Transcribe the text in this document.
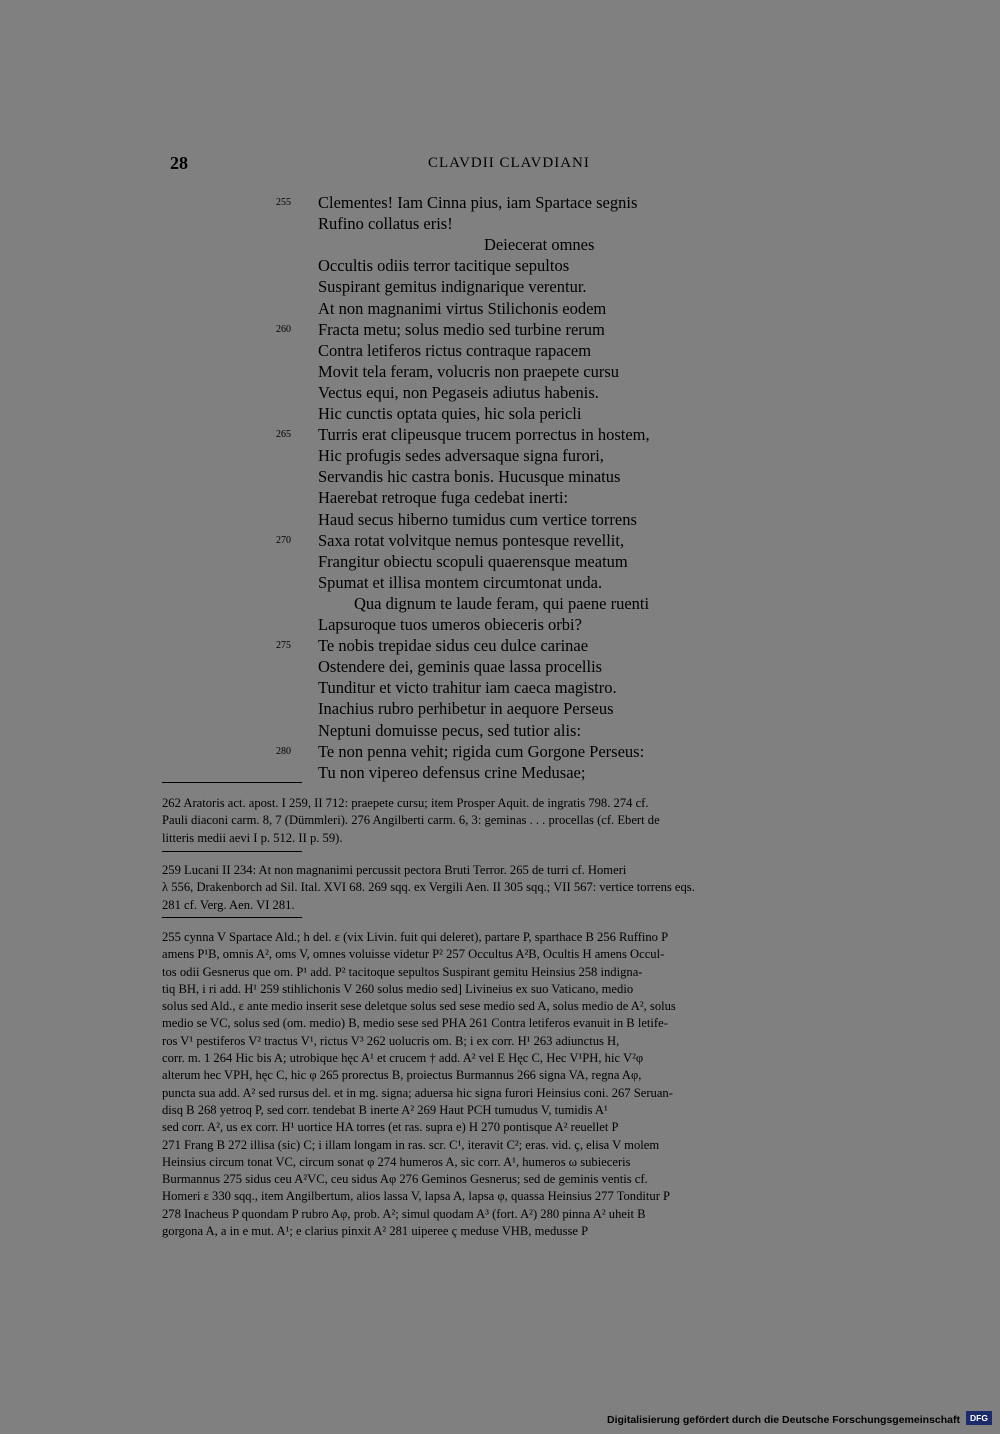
28	CLAVDII CLAVDIANI
Clementes! Iam Cinna pius, iam Spartace segnis
255
Rufino collatus eris!
Deiecerat omnes
Occultis odiis terror tacitique sepultos
Suspirant gemitus indignarique verentur.
At non magnanimi virtus Stilichonis eodem
Fracta metu; solus medio sed turbine rerum
260
Contra letiferos rictus contraque rapacem
Movit tela feram, volucris non praepete cursu
Vectus equi, non Pegaseis adiutus habenis.
Hic cunctis optata quies, hic sola pericli
Turris erat clipeusque trucem porrectus in hostem,
265
Hic profugis sedes adversaque signa furori,
Servandis hic castra bonis. Hucusque minatus
Haerebat retroque fuga cedebat inerti:
Haud secus hiberno tumidus cum vertice torrens
Saxa rotat volvitque nemus pontesque revellit,
270
Frangitur obiectu scopuli quaerensque meatum
Spumat et illisa montem circumtonat unda.
Qua dignum te laude feram, qui paene ruenti
Lapsuroque tuos umeros obieceris orbi?
Te nobis trepidae sidus ceu dulce carinae
275
Ostendere dei, geminis quae lassa procellis
Tunditur et victo trahitur iam caeca magistro.
Inachius rubro perhibetur in aequore Perseus
Neptuni domuisse pecus, sed tutior alis:
Te non penna vehit; rigida cum Gorgone Perseus:
280
Tu non vipereo defensus crine Medusae;

262 Aratoris act. apost. I 259, II 712: praepete cursu; item Prosper Aquit. de ingratis 798. 274 cf.

Pauli diaconi carm. 8, 7 (Dümmleri). 276 Angilberti carm. 6, 3: geminas . . . procellas (cf. Ebert de

litteris medii aevi I p. 512. II p. 59).

259 Lucani II 234: At non magnanimi percussit pectora Bruti Terror. 265 de turri cf. Homeri

λ 556, Drakenborch ad Sil. Ital. XVI 68. 269 sqq. ex Vergili Aen. II 305 sqq.; VII 567: vertice torrens eqs.

281 cf. Verg. Aen. VI 281.

255 cynna V Spartace Ald.; h del. ε (vix Livin. fuit qui deleret), partare P, sparthace B 256 Ruffino P

amens P¹B, omnis A², oms V, omnes voluisse videtur P² 257 Occultus A²B, Ocultis H amens Occul-

tos odii Gesnerus que om. P¹ add. P² tacitoque sepultos Suspirant gemitu Heinsius 258 indigna-

tiq BH, i ri add. H¹ 259 stihlichonis V 260 solus medio sed] Livineius ex suo Vaticano, medio

solus sed Ald., ε ante medio inserit sese deletque solus sed sese medio sed A, solus medio de A², solus

medio se VC, solus sed (om. medio) B, medio sese sed PHA 261 Contra letiferos evanuit in B letife-

ros V¹ pestiferos V² tractus V¹, rictus V³ 262 uolucris om. B; i ex corr. H¹ 263 adiunctus H,

corr. m. 1 264 Hic bis A; utrobique hęc A¹ et crucem † add. A² vel E Hęc C, Hec V¹PH, hic V²φ

alterum hec VPH, hęc C, hic φ 265 prorectus B, proiectus Burmannus 266 signa VA, regna Aφ,

puncta sua add. A² sed rursus del. et in mg. signa; aduersa hic signa furori Heinsius coni. 267 Seruan-

disq B 268 yetroq P, sed corr. tendebat B inerte A² 269 Haut PCH tumudus V, tumidis A¹

sed corr. A², us ex corr. H¹ uortice HA torres (et ras. supra e) H 270 pontisque A² reuellet P

271 Frang B 272 illisa (sic) C; i illam longam in ras. scr. C¹, iteravit C²; eras. vid. ç, elisa V molem

Heinsius circum tonat VC, circum sonat φ 274 humeros A, sic corr. A¹, humeros ω subieceris

Burmannus 275 sidus ceu A²VC, ceu sidus Aφ 276 Geminos Gesnerus; sed de geminis ventis cf.

Homeri ε 330 sqq., item Angilbertum, alios lassa V, lapsa A, lapsa φ, quassa Heinsius 277 Tonditur P

278 Inacheus P quondam P rubro Aφ, prob. A²; simul quodam A³ (fort. A²) 280 pinna A² uheit B

gorgona A, a in e mut. A¹; e clarius pinxit A² 281 uiperee ç meduse VHB, medusse P

Digitalisierung gefördert durch die Deutsche Forschungsgemeinschaft	DFG
